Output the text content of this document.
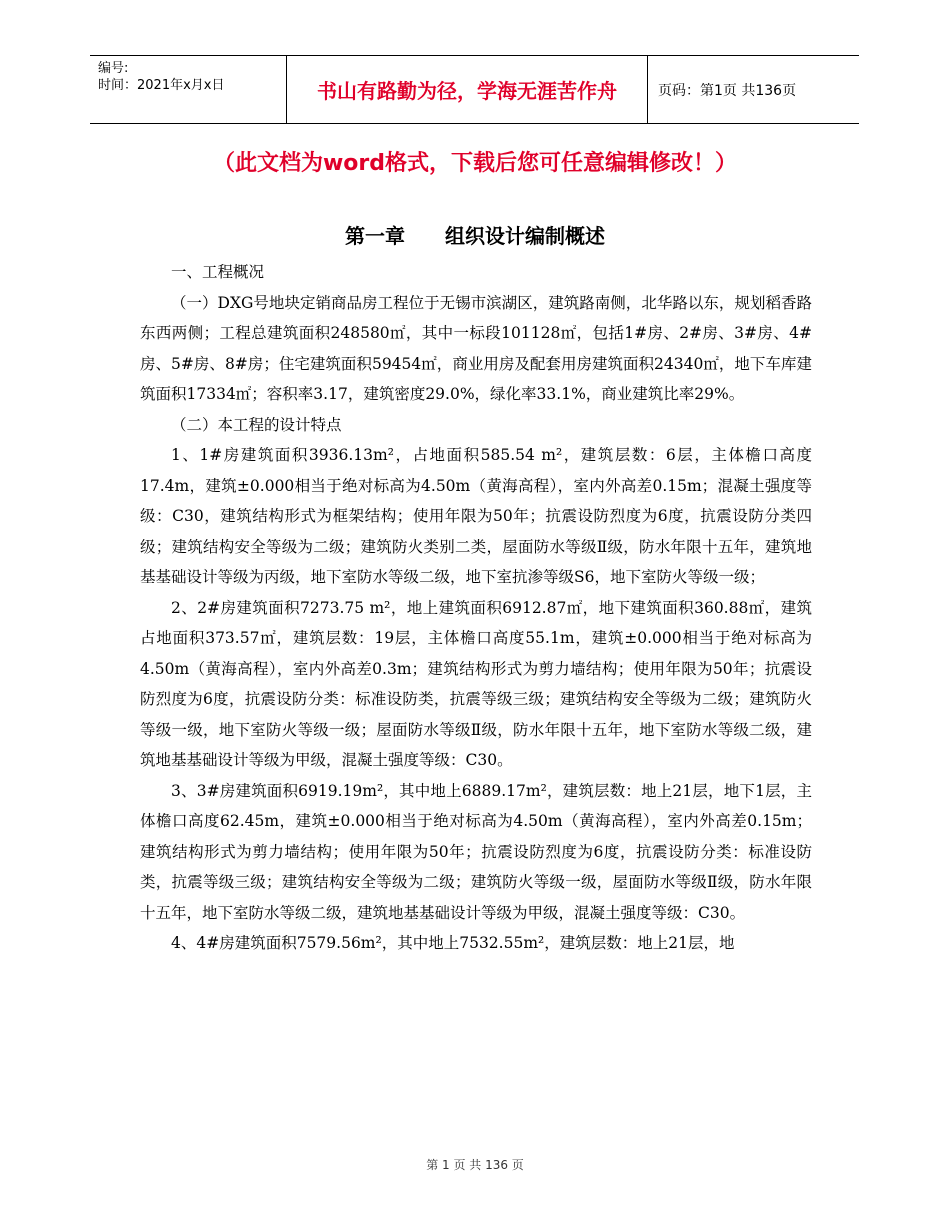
编号:
时间：2021年x月x日	书山有路勤为径，学海无涯苦作舟	页码：第1页 共136页
（此文档为word格式，下载后您可任意编辑修改！）
第一章 组织设计编制概述

一、工程概况

（一）DXG号地块定销商品房工程位于无锡市滨湖区，建筑路南侧，北华路以东，规划稻香路东西两侧；工程总建筑面积248580㎡，其中一标段101128㎡，包括1#房、2#房、3#房、4#房、5#房、8#房；住宅建筑面积59454㎡，商业用房及配套用房建筑面积24340㎡，地下车库建筑面积17334㎡；容积率3.17，建筑密度29.0%，绿化率33.1%，商业建筑比率29%。

（二）本工程的设计特点

1、1#房建筑面积3936.13m²，占地面积585.54 m²，建筑层数：6层，主体檐口高度17.4m，建筑±0.000相当于绝对标高为4.50m（黄海高程），室内外高差0.15m；混凝土强度等级：C30，建筑结构形式为框架结构；使用年限为50年；抗震设防烈度为6度，抗震设防分类四级；建筑结构安全等级为二级；建筑防火类别二类，屋面防水等级Ⅱ级，防水年限十五年，建筑地基基础设计等级为丙级，地下室防水等级二级，地下室抗渗等级S6，地下室防火等级一级；

2、2#房建筑面积7273.75 m²，地上建筑面积6912.87㎡，地下建筑面积360.88㎡，建筑占地面积373.57㎡，建筑层数：19层，主体檐口高度55.1m，建筑±0.000相当于绝对标高为4.50m（黄海高程），室内外高差0.3m；建筑结构形式为剪力墙结构；使用年限为50年；抗震设防烈度为6度，抗震设防分类：标准设防类，抗震等级三级；建筑结构安全等级为二级；建筑防火等级一级，地下室防火等级一级；屋面防水等级Ⅱ级，防水年限十五年，地下室防水等级二级，建筑地基基础设计等级为甲级，混凝土强度等级：C30。

3、3#房建筑面积6919.19m²，其中地上6889.17m²，建筑层数：地上21层，地下1层，主体檐口高度62.45m，建筑±0.000相当于绝对标高为4.50m（黄海高程），室内外高差0.15m；建筑结构形式为剪力墙结构；使用年限为50年；抗震设防烈度为6度，抗震设防分类：标准设防类，抗震等级三级；建筑结构安全等级为二级；建筑防火等级一级，屋面防水等级Ⅱ级，防水年限十五年，地下室防水等级二级，建筑地基基础设计等级为甲级，混凝土强度等级：C30。

4、4#房建筑面积7579.56m²，其中地上7532.55m²，建筑层数：地上21层，地

第 1 页 共 136 页
